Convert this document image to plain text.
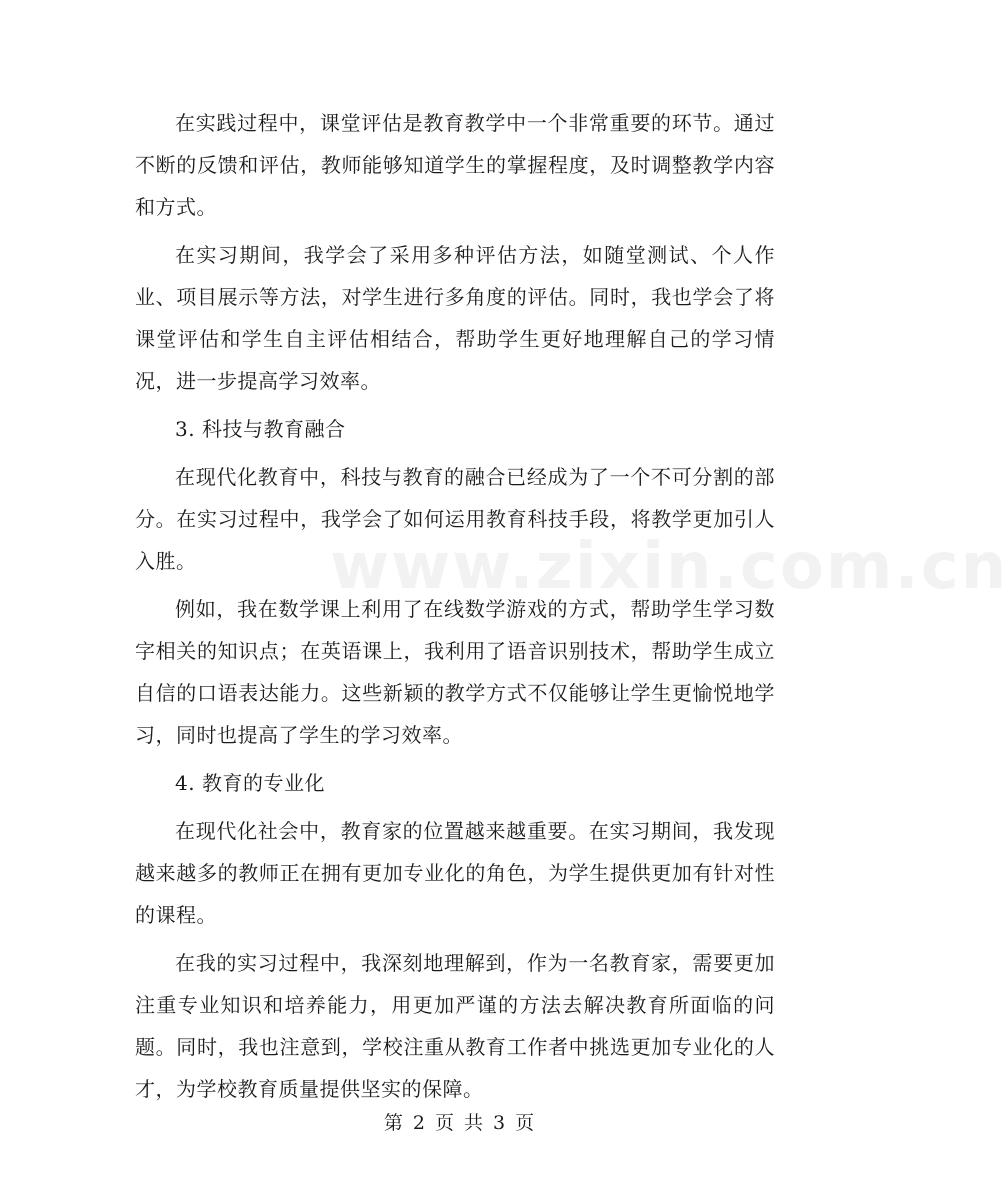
www.zixin.com.cn

在实践过程中，课堂评估是教育教学中一个非常重要的环节。通过不断的反馈和评估，教师能够知道学生的掌握程度，及时调整教学内容和方式。

在实习期间，我学会了采用多种评估方法，如随堂测试、个人作业、项目展示等方法，对学生进行多角度的评估。同时，我也学会了将课堂评估和学生自主评估相结合，帮助学生更好地理解自己的学习情况，进一步提高学习效率。

3. 科技与教育融合

在现代化教育中，科技与教育的融合已经成为了一个不可分割的部分。在实习过程中，我学会了如何运用教育科技手段，将教学更加引人入胜。

例如，我在数学课上利用了在线数学游戏的方式，帮助学生学习数字相关的知识点；在英语课上，我利用了语音识别技术，帮助学生成立自信的口语表达能力。这些新颖的教学方式不仅能够让学生更愉悦地学习，同时也提高了学生的学习效率。

4. 教育的专业化

在现代化社会中，教育家的位置越来越重要。在实习期间，我发现越来越多的教师正在拥有更加专业化的角色，为学生提供更加有针对性的课程。

在我的实习过程中，我深刻地理解到，作为一名教育家，需要更加注重专业知识和培养能力，用更加严谨的方法去解决教育所面临的问题。同时，我也注意到，学校注重从教育工作者中挑选更加专业化的人才，为学校教育质量提供坚实的保障。

第 2 页 共 3 页
